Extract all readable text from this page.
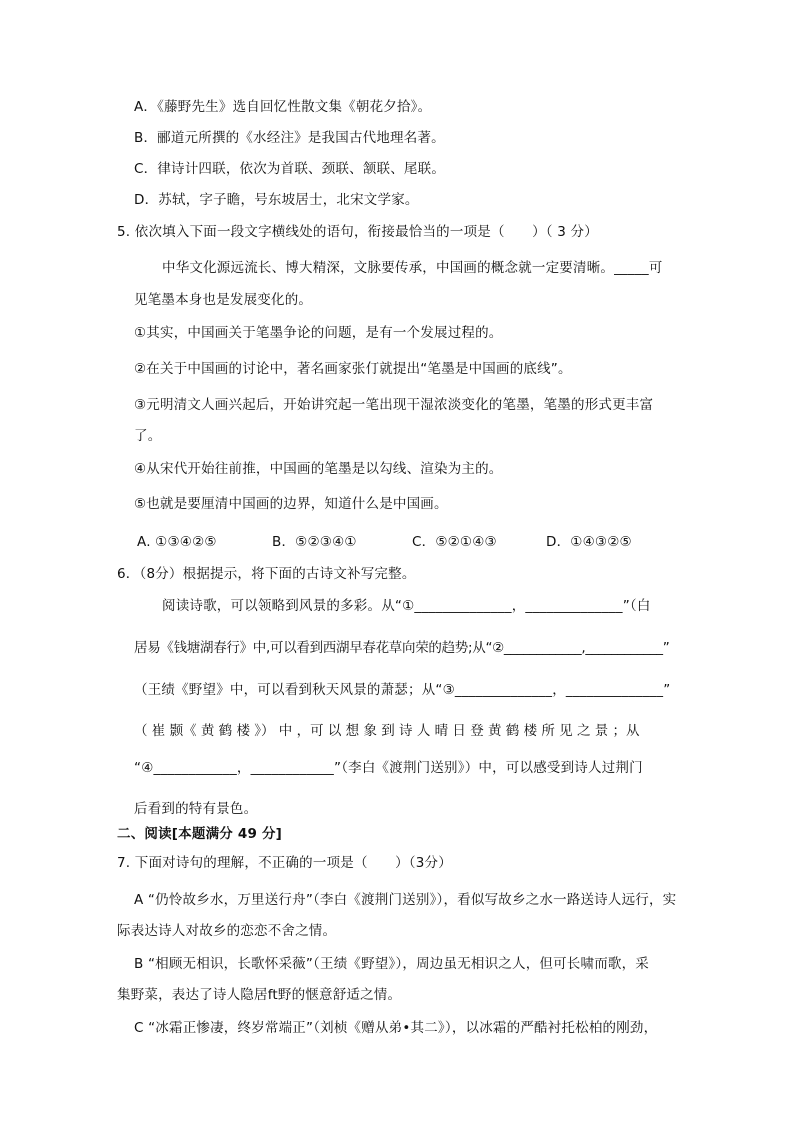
A．《藤野先生》选自回忆性散文集《朝花夕拾》。
B．郦道元所撰的《水经注》是我国古代地理名著。
C．律诗计四联，依次为首联、颈联、颔联、尾联。
D．苏轼，字子瞻，号东坡居士，北宋文学家。
5. 依次填入下面一段文字横线处的语句，衔接最恰当的一项是（　　）（ 3 分）
中华文化源远流长、博大精深，文脉要传承，中国画的概念就一定要清晰。_____可
见笔墨本身也是发展变化的。
①其实，中国画关于笔墨争论的问题，是有一个发展过程的。
②在关于中国画的讨论中，著名画家张仃就提出“笔墨是中国画的底线”。
③元明清文人画兴起后，开始讲究起一笔出现干湿浓淡变化的笔墨，笔墨的形式更丰富
了。
④从宋代开始往前推，中国画的笔墨是以勾线、渲染为主的。
⑤也就是要厘清中国画的边界，知道什么是中国画。
A. ①③④②⑤	B．⑤②③④①	C．⑤②①④③	D．①④③②⑤
6．（8分）根据提示，将下面的古诗文补写完整。
阅读诗歌，可以领略到风景的多彩。从“①______________，______________”（白
居易《钱塘湖春行》中,可以看到西湖早春花草向荣的趋势;从“②____________,____________”
（王绩《野望》中，可以看到秋天风景的萧瑟；从“③______________，______________”
（ 崔 颢《 黄 鹤 楼 》） 中 ，可 以 想 象 到 诗 人 晴 日 登 黄 鹤 楼 所 见 之 景 ；从
“④____________，____________”（李白《渡荆门送别》）中，可以感受到诗人过荆门
后看到的特有景色。
二、阅读[本题满分 49 分]
7. 下面对诗句的理解，不正确的一项是（　　）（3分）
A “仍怜故乡水，万里送行舟”（李白《渡荆门送别》），看似写故乡之水一路送诗人远行，实
际表达诗人对故乡的恋恋不舍之情。
B “相顾无相识，长歌怀采薇”（王绩《野望》），周边虽无相识之人，但可长啸而歌，采
集野菜，表达了诗人隐居ft野的惬意舒适之情。
C “冰霜正惨凄，终岁常端正”（刘桢《赠从弟•其二》），以冰霜的严酷衬托松柏的刚劲，
